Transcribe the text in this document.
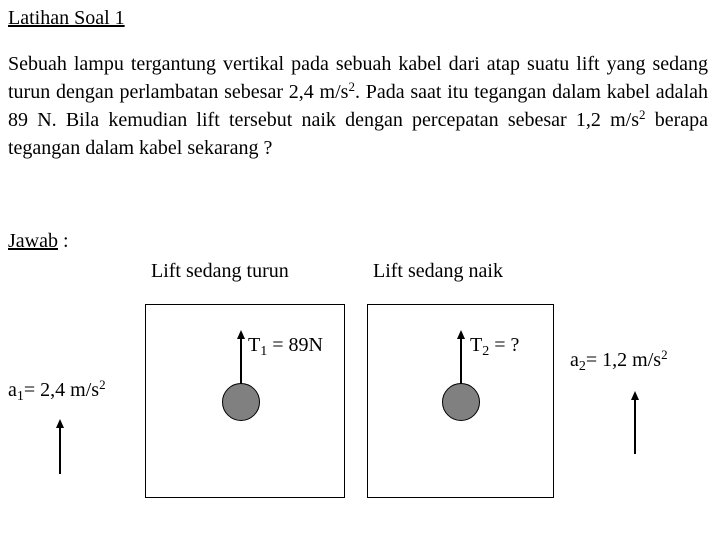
Latihan Soal 1
Sebuah lampu tergantung vertikal pada sebuah kabel dari atap suatu lift yang sedang turun dengan perlambatan sebesar 2,4 $m/s^2$. Pada saat itu tegangan dalam kabel adalah 89 N. Bila kemudian lift tersebut naik dengan percepatan sebesar 1,2 $m/s^2$ berapa tegangan dalam kabel sekarang ?
Jawab :
Lift sedang turun
$T_1 = 89N$
$a_1= 2,4$ $m/s^2$
Lift sedang naik
$T_2$ = ?
$a_2= 1,2$ $m/s^2$
